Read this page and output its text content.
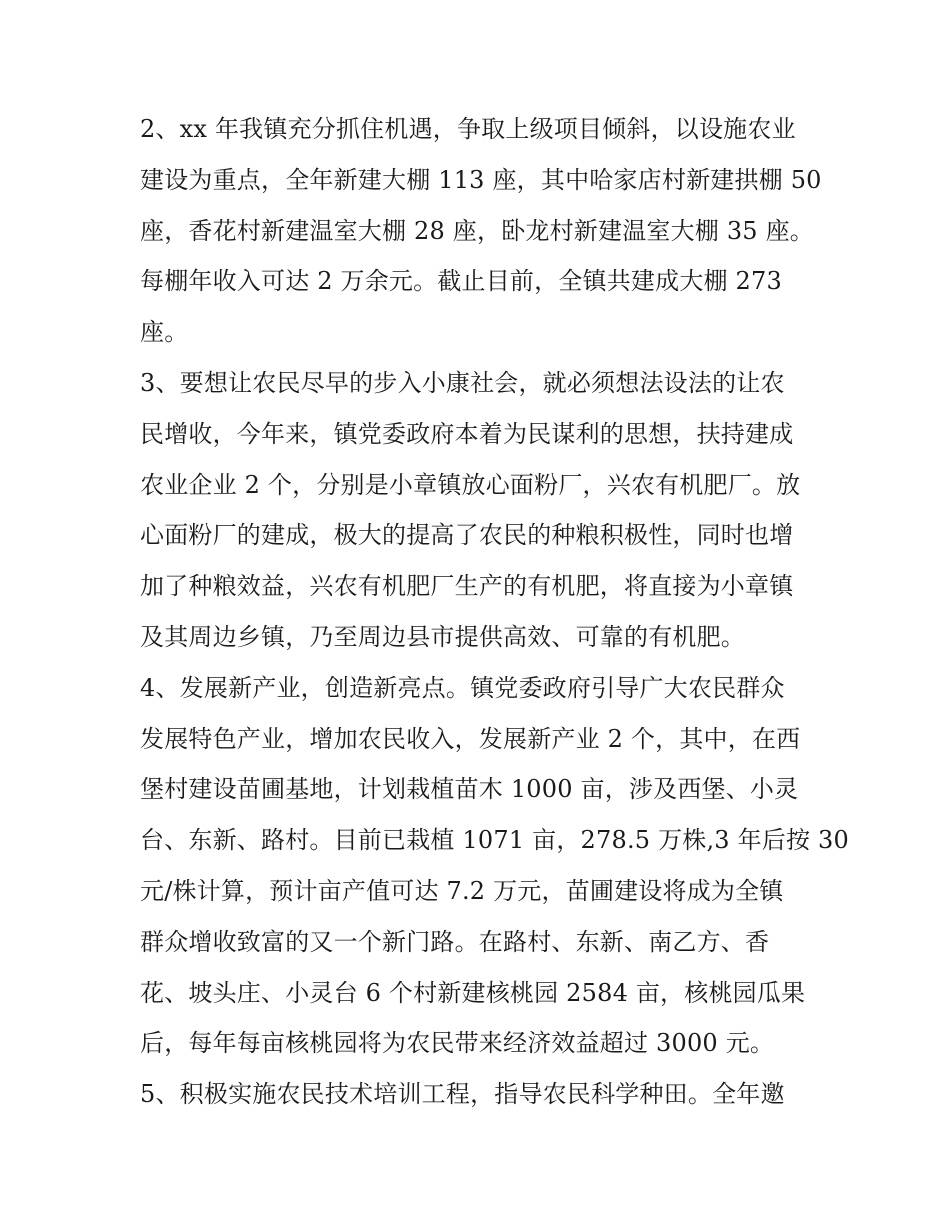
2、xx 年我镇充分抓住机遇，争取上级项目倾斜，以设施农业
建设为重点，全年新建大棚 113 座，其中哈家店村新建拱棚 50
座，香花村新建温室大棚 28 座，卧龙村新建温室大棚 35 座。
每棚年收入可达 2 万余元。截止目前，全镇共建成大棚 273
座。
3、要想让农民尽早的步入小康社会，就必须想法设法的让农
民增收，今年来，镇党委政府本着为民谋利的思想，扶持建成
农业企业 2 个，分别是小章镇放心面粉厂，兴农有机肥厂。放
心面粉厂的建成，极大的提高了农民的种粮积极性，同时也增
加了种粮效益，兴农有机肥厂生产的有机肥，将直接为小章镇
及其周边乡镇，乃至周边县市提供高效、可靠的有机肥。
4、发展新产业，创造新亮点。镇党委政府引导广大农民群众
发展特色产业，增加农民收入，发展新产业 2 个，其中，在西
堡村建设苗圃基地，计划栽植苗木 1000 亩，涉及西堡、小灵
台、东新、路村。目前已栽植 1071 亩，278.5 万株,3 年后按 30
元/株计算，预计亩产值可达 7.2 万元，苗圃建设将成为全镇
群众增收致富的又一个新门路。在路村、东新、南乙方、香
花、坡头庄、小灵台 6 个村新建核桃园 2584 亩，核桃园瓜果
后，每年每亩核桃园将为农民带来经济效益超过 3000 元。
5、积极实施农民技术培训工程，指导农民科学种田。全年邀
